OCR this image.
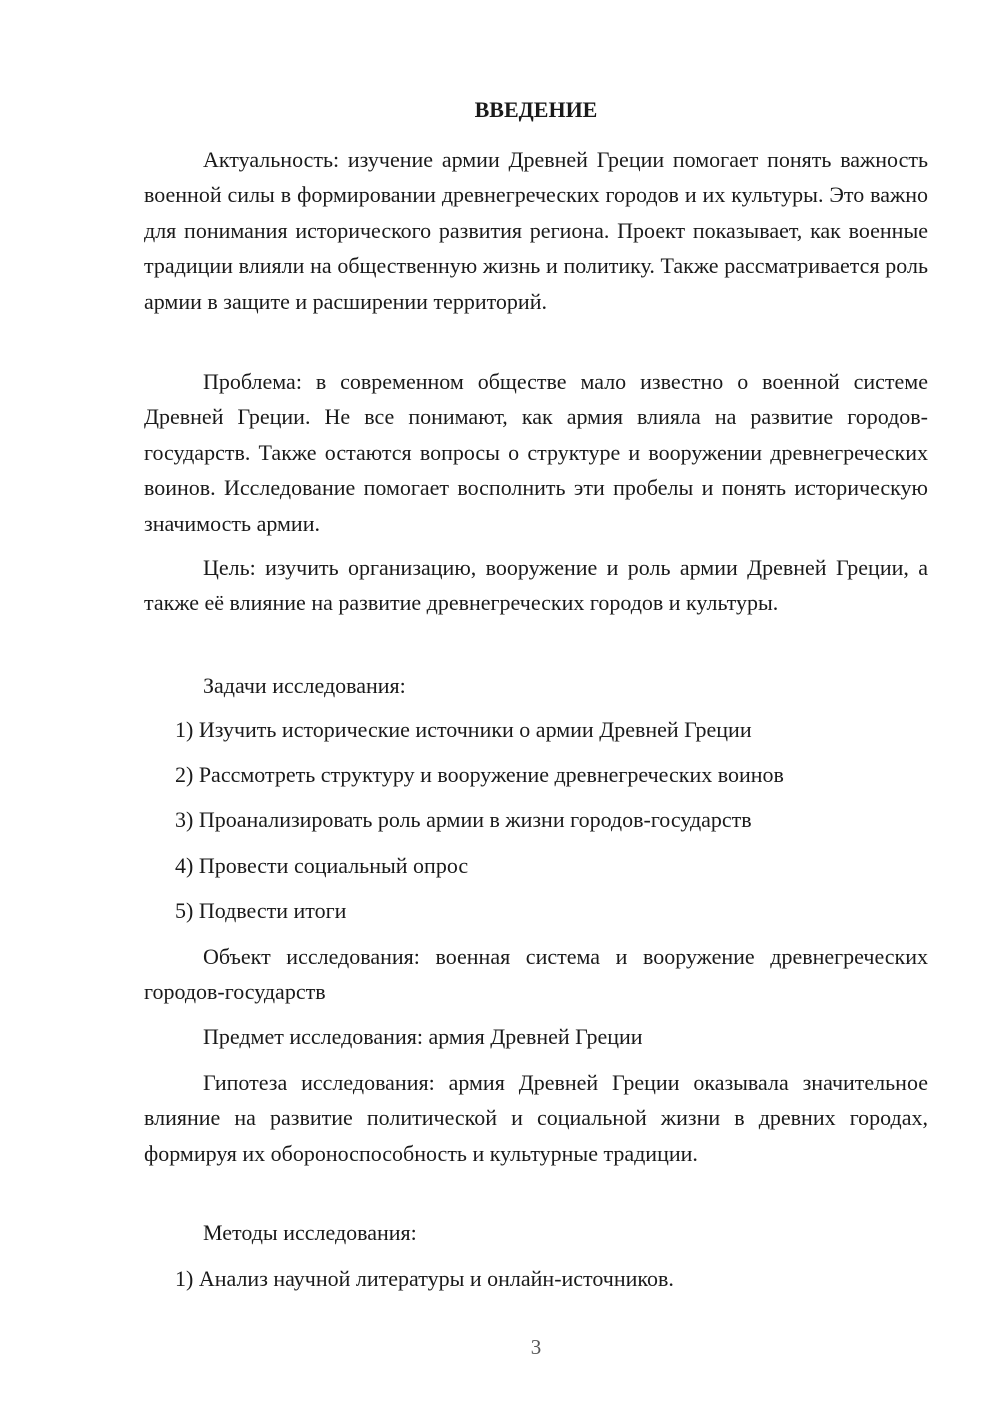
ВВЕДЕНИЕ

Актуальность: изучение армии Древней Греции помогает понять важность военной силы в формировании древнегреческих городов и их культуры. Это важно для понимания исторического развития региона. Проект показывает, как военные традиции влияли на общественную жизнь и политику. Также рассматривается роль армии в защите и расширении территорий.

Проблема: в современном обществе мало известно о военной системе Древней Греции. Не все понимают, как армия влияла на развитие городов-государств. Также остаются вопросы о структуре и вооружении древнегреческих воинов. Исследование помогает восполнить эти пробелы и понять историческую значимость армии.

Цель: изучить организацию, вооружение и роль армии Древней Греции, а также её влияние на развитие древнегреческих городов и культуры.

Задачи исследования:

1) Изучить исторические источники о армии Древней Греции

2) Рассмотреть структуру и вооружение древнегреческих воинов

3) Проанализировать роль армии в жизни городов-государств

4) Провести социальный опрос

5) Подвести итоги

Объект исследования: военная система и вооружение древнегреческих городов-государств

Предмет исследования: армия Древней Греции

Гипотеза исследования: армия Древней Греции оказывала значительное влияние на развитие политической и социальной жизни в древних городах, формируя их обороноспособность и культурные традиции.

Методы исследования:

1) Анализ научной литературы и онлайн-источников.

3
